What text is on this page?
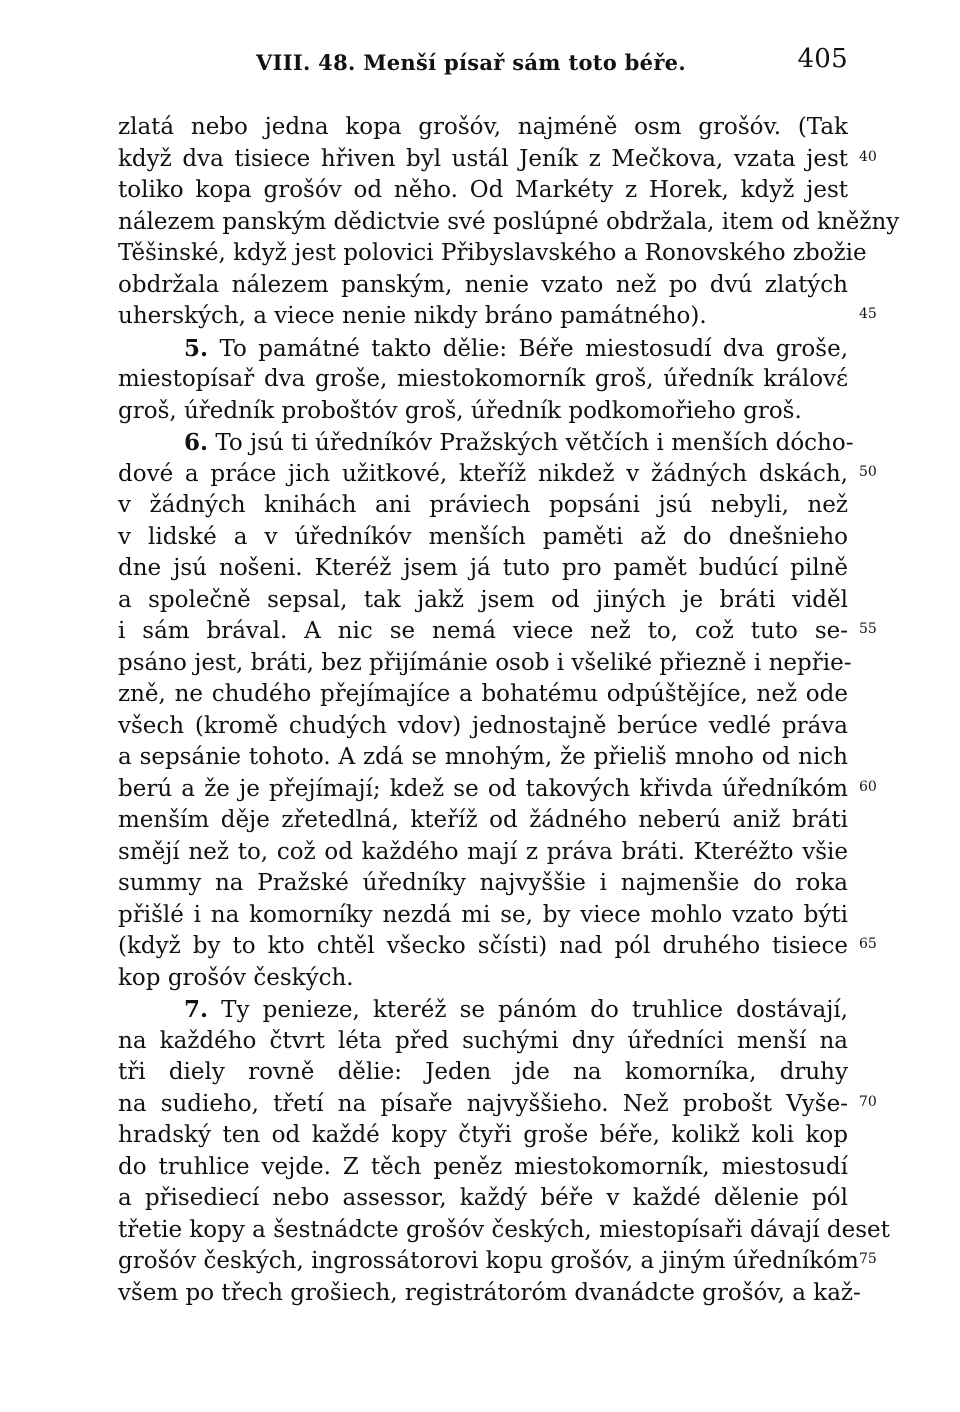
VIII. 48. Menší písař sám toto béře.	405
zlatá nebo jedna kopa grošóv, najméně osm grošóv. (Tak
když dva tisiece hřiven byl ustál Jeník z Mečkova, vzata jest 40
toliko kopa grošóv od něho. Od Markéty z Horek, když jest
nálezem panským dědictvie své poslúpné obdržala, item od kněžny
Těšinské, když jest polovici Přibyslavského a Ronovského zbožie
obdržala nálezem panským, nenie vzato než po dvú zlatých
uherských, a viece nenie nikdy bráno památného).	45
5. To památné takto dělie: Béře miestosudí dva groše,
miestopísař dva groše, miestokomorník groš, úředník královέ
groš, úředník proboštóv groš, úředník podkomořieho groš.
6. To jsú ti úředníkóv Pražských větčích i menších dócho-
dové a práce jich užitkové, kteříž nikdež v žádných dskách, 50
v žádných knihách ani práviech popsáni jsú nebyli, než
v lidské a v úředníkóv menších paměti až do dnešnieho
dne jsú nošeni. Kteréž jsem já tuto pro pamět budúcí pilně
a společně sepsal, tak jakž jsem od jiných je bráti viděl
i sám brával. A nic se nemá viece než to, což tuto se- 55
psáno jest, bráti, bez přijímánie osob i všeliké přiezně i nepřie-
zně, ne chudého přejímajíce a bohatému odpúštějíce, než ode
všech (kromě chudých vdov) jednostajně berúce vedlé práva
a sepsánie tohoto. A zdá se mnohým, že přieliš mnoho od nich
berú a že je přejímají; kdež se od takových křivda úředníkóm 60
menším děje zřetedlná, kteříž od žádného neberú aniž bráti
smějí než to, což od každého mají z práva bráti. Kteréžto všie
summy na Pražské úředníky najvyššie i najmenšie do roka
přišlé i na komorníky nezdá mi se, by viece mohlo vzato býti
(když by to kto chtěl všecko sčísti) nad pól druhého tisiece 65
kop grošóv českých.
7. Ty penieze, kteréž se pánóm do truhlice dostávají,
na každého čtvrt léta před suchými dny úředníci menší na
tři diely rovně dělie: Jeden jde na komorníka, druhy
na sudieho, třetí na písaře najvyššieho. Než probošt Vyše- 70
hradský ten od každé kopy čtyři groše béře, kolikž koli kop
do truhlice vejde. Z těch peněz miestokomorník, miestosudí
a přisediecí nebo assessor, každý béře v každé dělenie pól
třetie kopy a šestnádcte grošóv českých, miestopísaři dávají deset
grošóv českých, ingrossátorovi kopu grošóv, a jiným úředníkóm 75
všem po třech grošiech, registrátoróm dvanádcte grošóv, a kaž-
